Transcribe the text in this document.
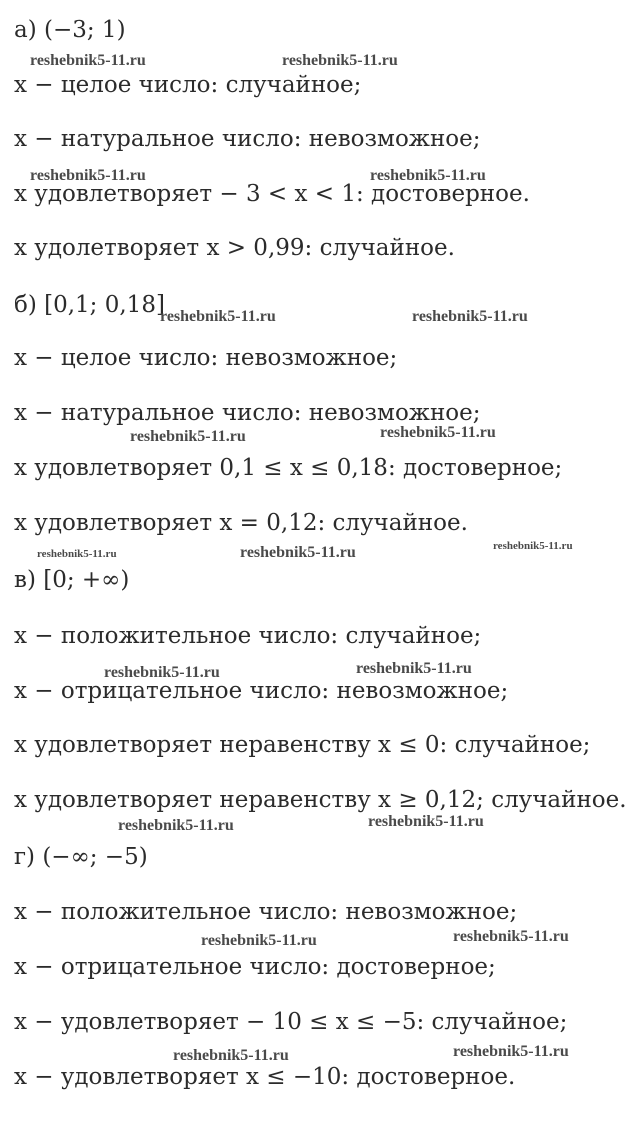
а) (−3; 1)
x − целое число: случайное;
x − натуральное число: невозможное;
x удовлетворяет − 3 < x < 1: достоверное.
x удолетворяет x > 0,99: случайное.
б) [0,1; 0,18]
x − целое число: невозможное;
x − натуральное число: невозможное;
x удовлетворяет 0,1 ≤ x ≤ 0,18: достоверное;
x удовлетворяет x = 0,12: случайное.
в) [0; +∞)
x − положительное число: случайное;
x − отрицательное число: невозможное;
x удовлетворяет неравенству x ≤ 0: случайное;
x удовлетворяет неравенству x ≥ 0,12; случайное.
г) (−∞; −5)
x − положительное число: невозможное;
x − отрицательное число: достоверное;
x − удовлетворяет − 10 ≤ x ≤ −5: случайное;
x − удовлетворяет x ≤ −10: достоверное.
reshebnik5-11.ru	reshebnik5-11.ru
reshebnik5-11.ru	reshebnik5-11.ru
reshebnik5-11.ru	reshebnik5-11.ru
reshebnik5-11.ru	reshebnik5-11.ru
reshebnik5-11.ru	reshebnik5-11.ru	reshebnik5-11.ru
reshebnik5-11.ru	reshebnik5-11.ru
reshebnik5-11.ru	reshebnik5-11.ru
reshebnik5-11.ru	reshebnik5-11.ru
reshebnik5-11.ru	reshebnik5-11.ru
